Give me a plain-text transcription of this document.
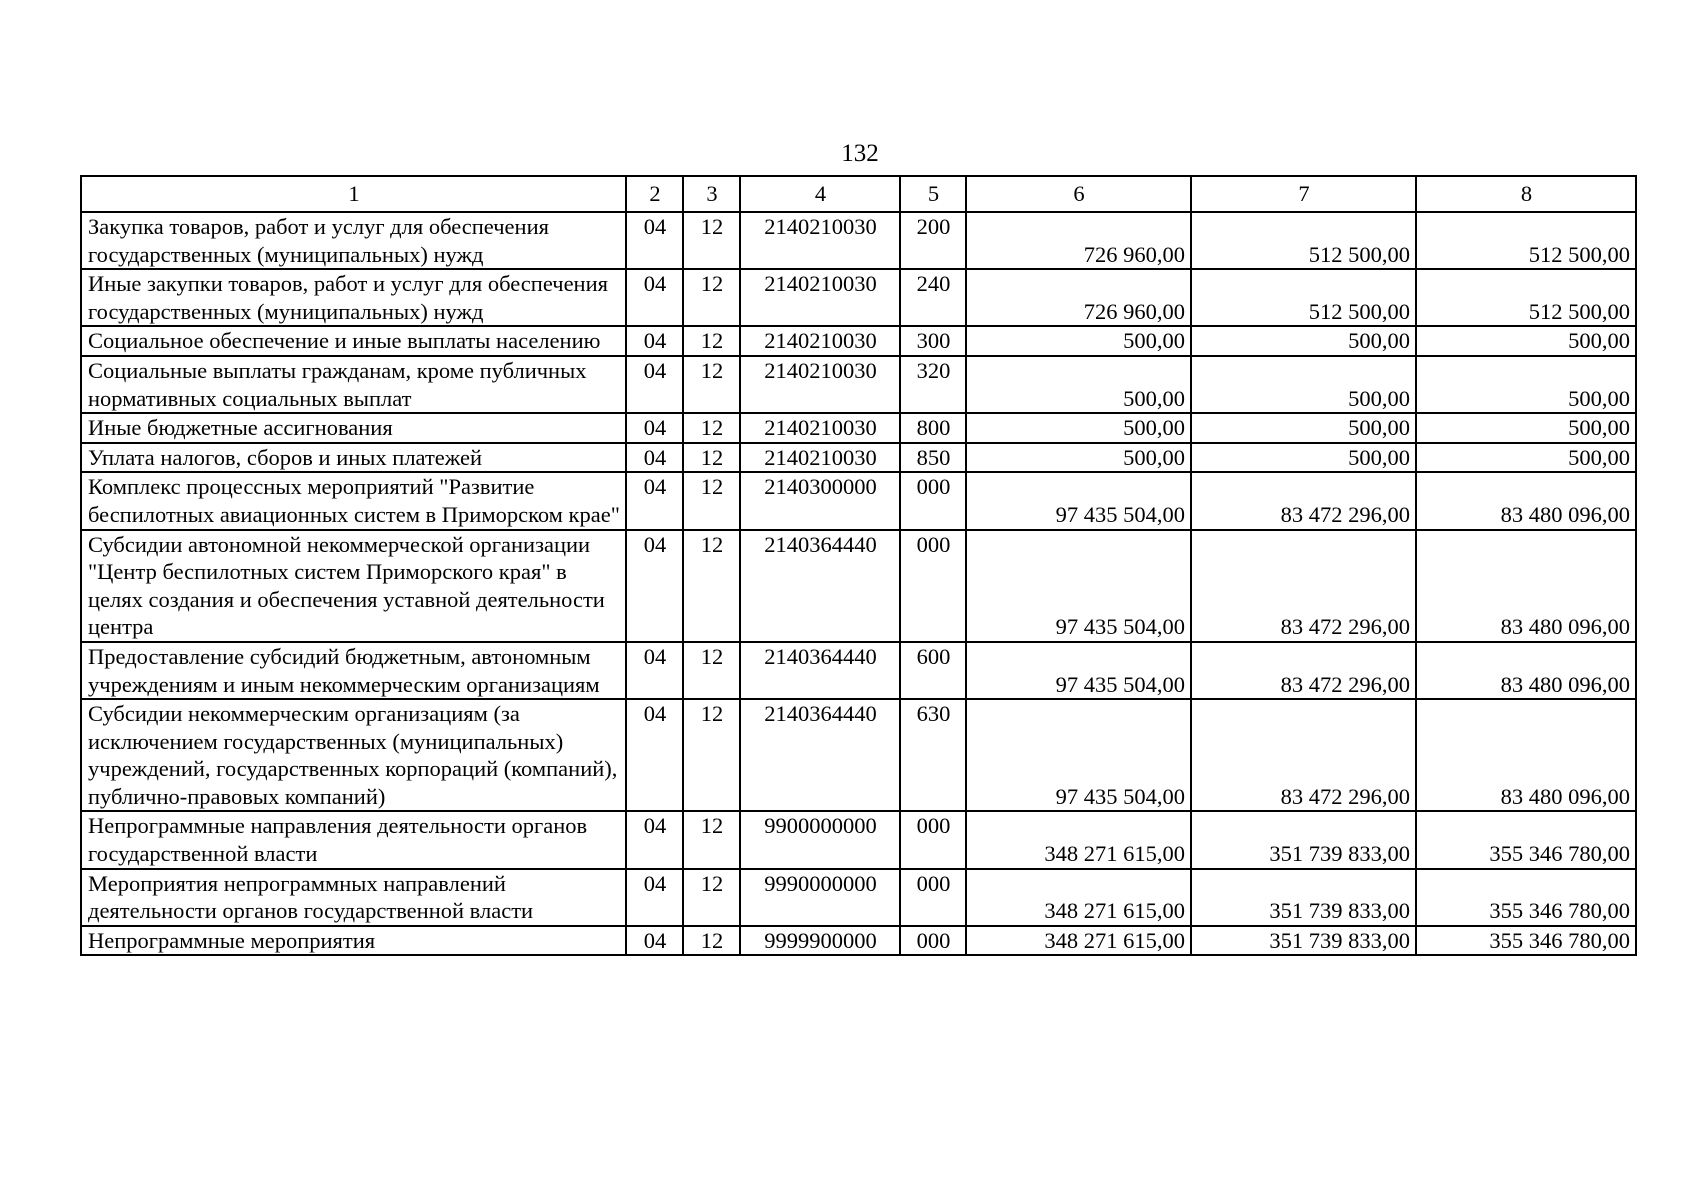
132
1	2	3	4	5	6	7	8
Закупка товаров, работ и услуг для обеспечения государственных (муниципальных) нужд	04	12	2140210030	200	726 960,00	512 500,00	512 500,00
Иные закупки товаров, работ и услуг для обеспечения государственных (муниципальных) нужд	04	12	2140210030	240	726 960,00	512 500,00	512 500,00
Социальное обеспечение и иные выплаты населению	04	12	2140210030	300	500,00	500,00	500,00
Социальные выплаты гражданам, кроме публичных нормативных социальных выплат	04	12	2140210030	320	500,00	500,00	500,00
Иные бюджетные ассигнования	04	12	2140210030	800	500,00	500,00	500,00
Уплата налогов, сборов и иных платежей	04	12	2140210030	850	500,00	500,00	500,00
Комплекс процессных мероприятий "Развитие беспилотных авиационных систем в Приморском крае"	04	12	2140300000	000	97 435 504,00	83 472 296,00	83 480 096,00
Субсидии автономной некоммерческой организации "Центр беспилотных систем Приморского края" в целях создания и обеспечения уставной деятельности центра	04	12	2140364440	000	97 435 504,00	83 472 296,00	83 480 096,00
Предоставление субсидий бюджетным, автономным учреждениям и иным некоммерческим организациям	04	12	2140364440	600	97 435 504,00	83 472 296,00	83 480 096,00
Субсидии некоммерческим организациям (за исключением государственных (муниципальных) учреждений, государственных корпораций (компаний), публично-правовых компаний)	04	12	2140364440	630	97 435 504,00	83 472 296,00	83 480 096,00
Непрограммные направления деятельности органов государственной власти	04	12	9900000000	000	348 271 615,00	351 739 833,00	355 346 780,00
Мероприятия непрограммных направлений деятельности органов государственной власти	04	12	9990000000	000	348 271 615,00	351 739 833,00	355 346 780,00
Непрограммные мероприятия	04	12	9999900000	000	348 271 615,00	351 739 833,00	355 346 780,00
